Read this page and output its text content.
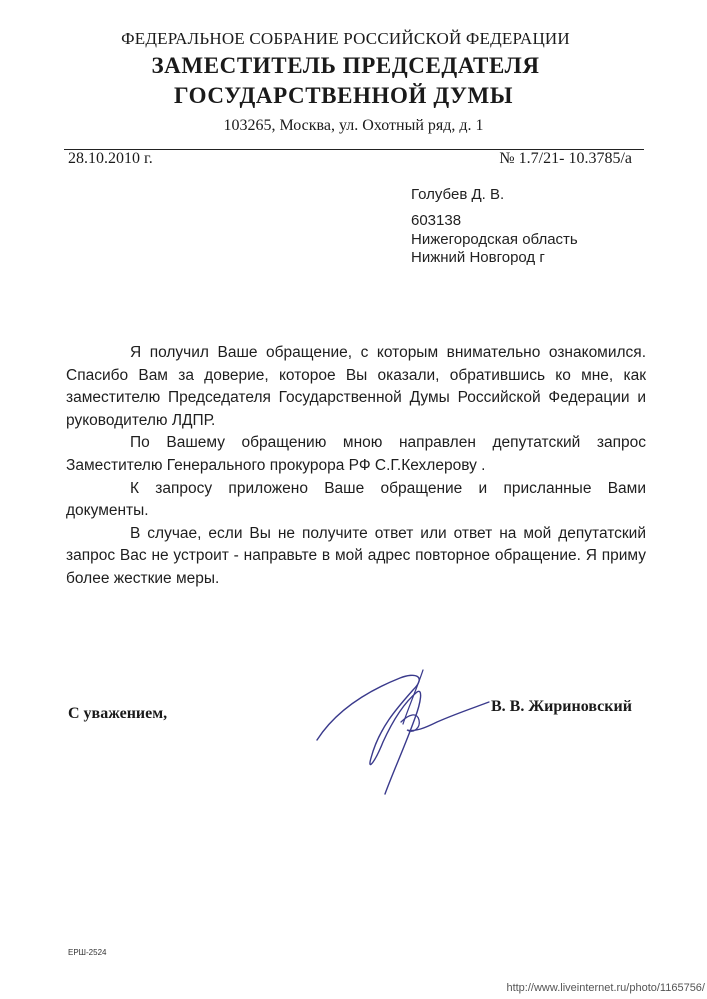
ФЕДЕРАЛЬНОЕ СОБРАНИЕ РОССИЙСКОЙ ФЕДЕРАЦИИ
ЗАМЕСТИТЕЛЬ ПРЕДСЕДАТЕЛЯ
ГОСУДАРСТВЕННОЙ ДУМЫ
103265, Москва, ул. Охотный ряд, д. 1
28.10.2010 г.	№ 1.7/21- 10.3785/а
Голубев Д. В.
603138
Нижегородская область
Нижний Новгород г

Я получил Ваше обращение, с которым внимательно ознакомился. Спасибо Вам за доверие, которое Вы оказали, обратившись ко мне, как заместителю Председателя Государственной Думы Российской Федерации и руководителю ЛДПР.

По Вашему обращению мною направлен депутатский запрос Заместителю Генерального прокурора РФ С.Г.Кехлерову .

К запросу приложено Ваше обращение и присланные Вами документы.

В случае, если Вы не получите ответ или ответ на мой депутатский запрос Вас не устроит - направьте в мой адрес повторное обращение. Я приму более жесткие меры.

С уважением,	В. В. Жириновский
ЕРШ-2524
http://www.liveinternet.ru/photo/1165756/
